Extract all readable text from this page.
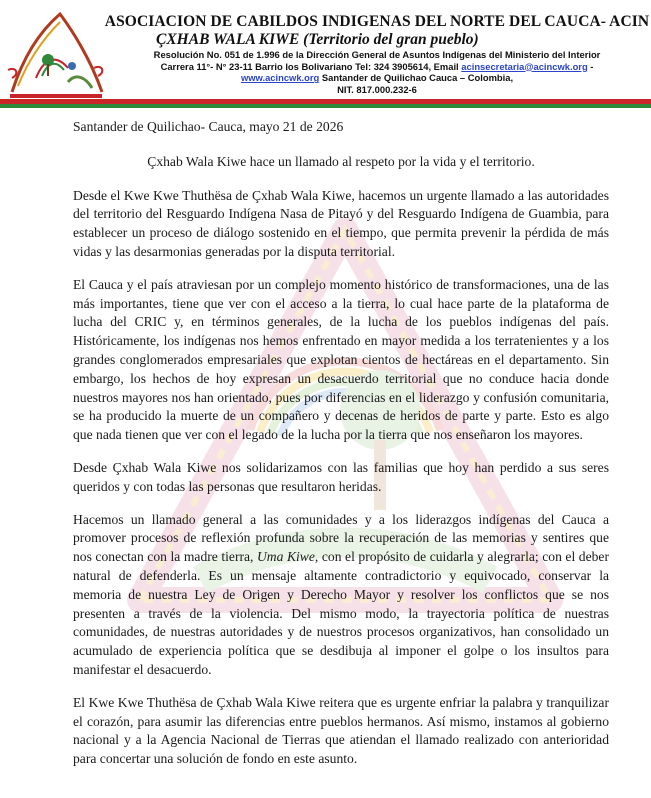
ASOCIACION DE CABILDOS INDIGENAS DEL NORTE DEL CAUCA- ACIN
ÇXHAB WALA KIWE (Territorio del gran pueblo)
Resolución No. 051 de 1.996 de la Dirección General de Asuntos Indígenas del Ministerio del Interior
Carrera 11°- N° 23-11 Barrio los Bolivariano Tel: 324 3905614, Email acinsecretaria@acincwk.org -
www.acincwk.org Santander de Quilichao Cauca – Colombia,
NIT. 817.000.232-6
Santander de Quilichao- Cauca, mayo 21 de 2026
Çxhab Wala Kiwe hace un llamado al respeto por la vida y el territorio.
Desde el Kwe Kwe Thuthësa de Çxhab Wala Kiwe, hacemos un urgente llamado a las autoridades del territorio del Resguardo Indígena Nasa de Pitayó y del Resguardo Indígena de Guambia, para establecer un proceso de diálogo sostenido en el tiempo, que permita prevenir la pérdida de más vidas y las desarmonias generadas por la disputa territorial.
El Cauca y el país atraviesan por un complejo momento histórico de transformaciones, una de las más importantes, tiene que ver con el acceso a la tierra, lo cual hace parte de la plataforma de lucha del CRIC y, en términos generales, de la lucha de los pueblos indígenas del país. Históricamente, los indígenas nos hemos enfrentado en mayor medida a los terratenientes y a los grandes conglomerados empresariales que explotan cientos de hectáreas en el departamento. Sin embargo, los hechos de hoy expresan un desacuerdo territorial que no conduce hacia donde nuestros mayores nos han orientado, pues por diferencias en el liderazgo y confusión comunitaria, se ha producido la muerte de un compañero y decenas de heridos de parte y parte. Esto es algo que nada tienen que ver con el legado de la lucha por la tierra que nos enseñaron los mayores.
Desde Çxhab Wala Kiwe nos solidarizamos con las familias que hoy han perdido a sus seres queridos y con todas las personas que resultaron heridas.
Hacemos un llamado general a las comunidades y a los liderazgos indígenas del Cauca a promover procesos de reflexión profunda sobre la recuperación de las memorias y sentires que nos conectan con la madre tierra, Uma Kiwe, con el propósito de cuidarla y alegrarla; con el deber natural de defenderla. Es un mensaje altamente contradictorio y equivocado, conservar la memoria de nuestra Ley de Origen y Derecho Mayor y resolver los conflictos que se nos presenten a través de la violencia. Del mismo modo, la trayectoria política de nuestras comunidades, de nuestras autoridades y de nuestros procesos organizativos, han consolidado un acumulado de experiencia política que se desdibuja al imponer el golpe o los insultos para manifestar el desacuerdo.
El Kwe Kwe Thuthësa de Çxhab Wala Kiwe reitera que es urgente enfriar la palabra y tranquilizar el corazón, para asumir las diferencias entre pueblos hermanos. Así mismo, instamos al gobierno nacional y a la Agencia Nacional de Tierras que atiendan el llamado realizado con anterioridad para concertar una solución de fondo en este asunto.
